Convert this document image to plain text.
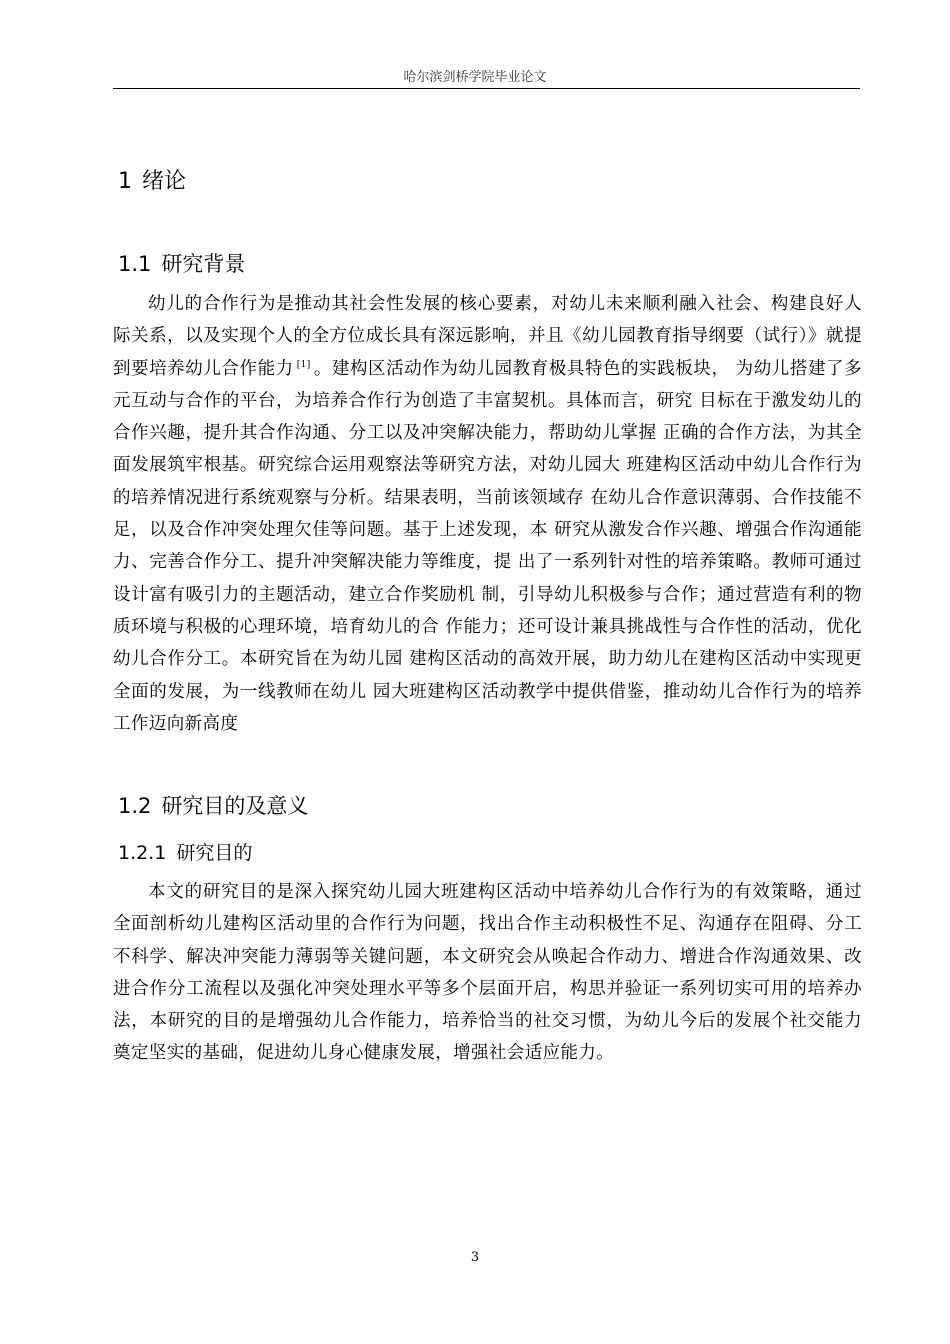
哈尔滨剑桥学院毕业论文
1 绪论
1.1 研究背景

幼儿的合作行为是推动其社会性发展的核心要素，对幼儿未来顺利融入社会、构建良好人际关系，以及实现个人的全方位成长具有深远影响，并且《幼儿园教育指导纲要（试行）》就提到要培养幼儿合作能力 [1] 。建构区活动作为幼儿园教育极具特色的实践板块， 为幼儿搭建了多元互动与合作的平台，为培养合作行为创造了丰富契机。具体而言，研究 目标在于激发幼儿的合作兴趣，提升其合作沟通、分工以及冲突解决能力，帮助幼儿掌握 正确的合作方法，为其全面发展筑牢根基。研究综合运用观察法等研究方法，对幼儿园大 班建构区活动中幼儿合作行为的培养情况进行系统观察与分析。结果表明，当前该领域存 在幼儿合作意识薄弱、合作技能不足，以及合作冲突处理欠佳等问题。基于上述发现，本 研究从激发合作兴趣、增强合作沟通能力、完善合作分工、提升冲突解决能力等维度，提 出了一系列针对性的培养策略。教师可通过设计富有吸引力的主题活动，建立合作奖励机 制，引导幼儿积极参与合作；通过营造有利的物质环境与积极的心理环境，培育幼儿的合 作能力；还可设计兼具挑战性与合作性的活动，优化幼儿合作分工。本研究旨在为幼儿园 建构区活动的高效开展，助力幼儿在建构区活动中实现更全面的发展，为一线教师在幼儿 园大班建构区活动教学中提供借鉴，推动幼儿合作行为的培养工作迈向新高度

1.2 研究目的及意义
1.2.1 研究目的

本文的研究目的是深入探究幼儿园大班建构区活动中培养幼儿合作行为的有效策略，通过全面剖析幼儿建构区活动里的合作行为问题，找出合作主动积极性不足、沟通存在阻碍、分工不科学、解决冲突能力薄弱等关键问题，本文研究会从唤起合作动力、增进合作沟通效果、改进合作分工流程以及强化冲突处理水平等多个层面开启，构思并验证一系列切实可用的培养办法，本研究的目的是增强幼儿合作能力，培养恰当的社交习惯，为幼儿今后的发展个社交能力奠定坚实的基础，促进幼儿身心健康发展，增强社会适应能力。

3
